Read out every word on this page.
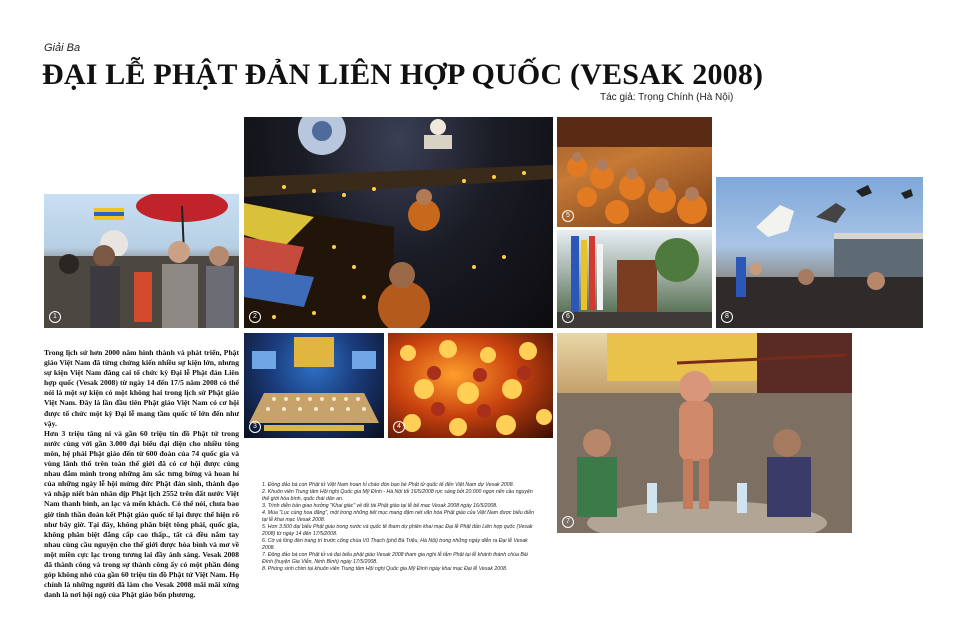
Giải Ba
ĐẠI LỄ PHẬT ĐẢN LIÊN HỢP QUỐC (VESAK 2008)
Tác giả: Trọng Chính (Hà Nội)
1	2
5
6	8
3	4
7

Trong lịch sử hơn 2000 năm hình thành và phát triển, Phật giáo Việt Nam đã từng chứng kiến nhiều sự kiện lớn, nhưng sự kiện Việt Nam đăng cai tổ chức kỳ Đại lễ Phật đản Liên hợp quốc (Vesak 2008) từ ngày 14 đến 17/5 năm 2008 có thể nói là một sự kiện có một không hai trong lịch sử Phật giáo Việt Nam. Đây là lần đầu tiên Phật giáo Việt Nam có cơ hội được tổ chức một kỳ Đại lễ mang tầm quốc tế lớn đến như vậy.

Hơn 3 triệu tăng ni và gần 60 triệu tín đồ Phật tử trong nước cùng với gần 3.000 đại biểu đại diện cho nhiều tông môn, hệ phái Phật giáo đến từ 600 đoàn của 74 quốc gia và vùng lãnh thổ trên toàn thế giới đã có cơ hội được cùng nhau đắm mình trong những âm sắc tưng bừng và hoan hỉ của những ngày lễ hội mừng đức Phật đản sinh, thành đạo và nhập niết bàn nhân dịp Phật lịch 2552 trên đất nước Việt Nam thanh bình, an lạc và mến khách. Có thể nói, chưa bao giờ tinh thần đoàn kết Phật giáo quốc tế lại được thể hiện rõ như bây giờ. Tại đây, không phân biệt tông phái, quốc gia, không phân biệt đẳng cấp cao thấp., tất cả đều nắm tay nhau cùng cầu nguyện cho thế giới được hòa bình và mơ về một miền cực lạc trong tương lai đầy ánh sáng. Vesak 2008 đã thành công và trong sự thành công ấy có một phần đóng góp không nhỏ của gần 60 triệu tín đồ Phật tử Việt Nam. Họ chính là những người đã làm cho Vesak 2008 mãi mãi xứng danh là nơi hội ngộ của Phật giáo bốn phương.

1. Đồng đảo bà con Phật tử Việt Nam hoan hỉ chào đón bạn bè Phật tử quốc tế đến Việt Nam dự Vesak 2008.
2. Khuôn viên Trung tâm Hội nghị Quốc gia Mỹ Đình - Hà Nội tối 16/5/2008 rực sáng bởi 20.000 ngọn nến cầu nguyện thế giới hòa bình, quốc thái dân an.
3. Trình diễn bản giao hưởng "Khai giác" về đề tài Phật giáo tại lễ bế mạc Vesak 2008 ngày 16/5/2008.
4. Múa "Lục cúng hoa đăng", một trong những tiết mục mang đậm nét văn hóa Phật giáo của Việt Nam được biểu diễn tại lễ khai mạc Vesak 2008.
5. Hơn 3.500 đại biểu Phật giáo trong nước và quốc tế tham dự phiên khai mạc Đại lễ Phật đản Liên hợp quốc (Vesak 2008) từ ngày 14 đến 17/5/2008.
6. Cờ và lồng đèn trang trí trước cổng chùa Vũ Thạch (phố Bà Triệu, Hà Nội) trong những ngày diễn ra Đại lễ Vesak 2008.
7. Đông đảo bà con Phật tử và đại biểu phật giáo Vesak 2008 tham gia nghi lễ tắm Phật tại lễ khánh thành chùa Bái Đính (huyện Gia Viễn, Ninh Bình) ngày 17/5/2008.
8. Phóng sinh chim tại khuôn viên Trung tâm Hội nghị Quốc gia Mỹ Đình ngày khai mạc Đại lễ Vesak 2008.
